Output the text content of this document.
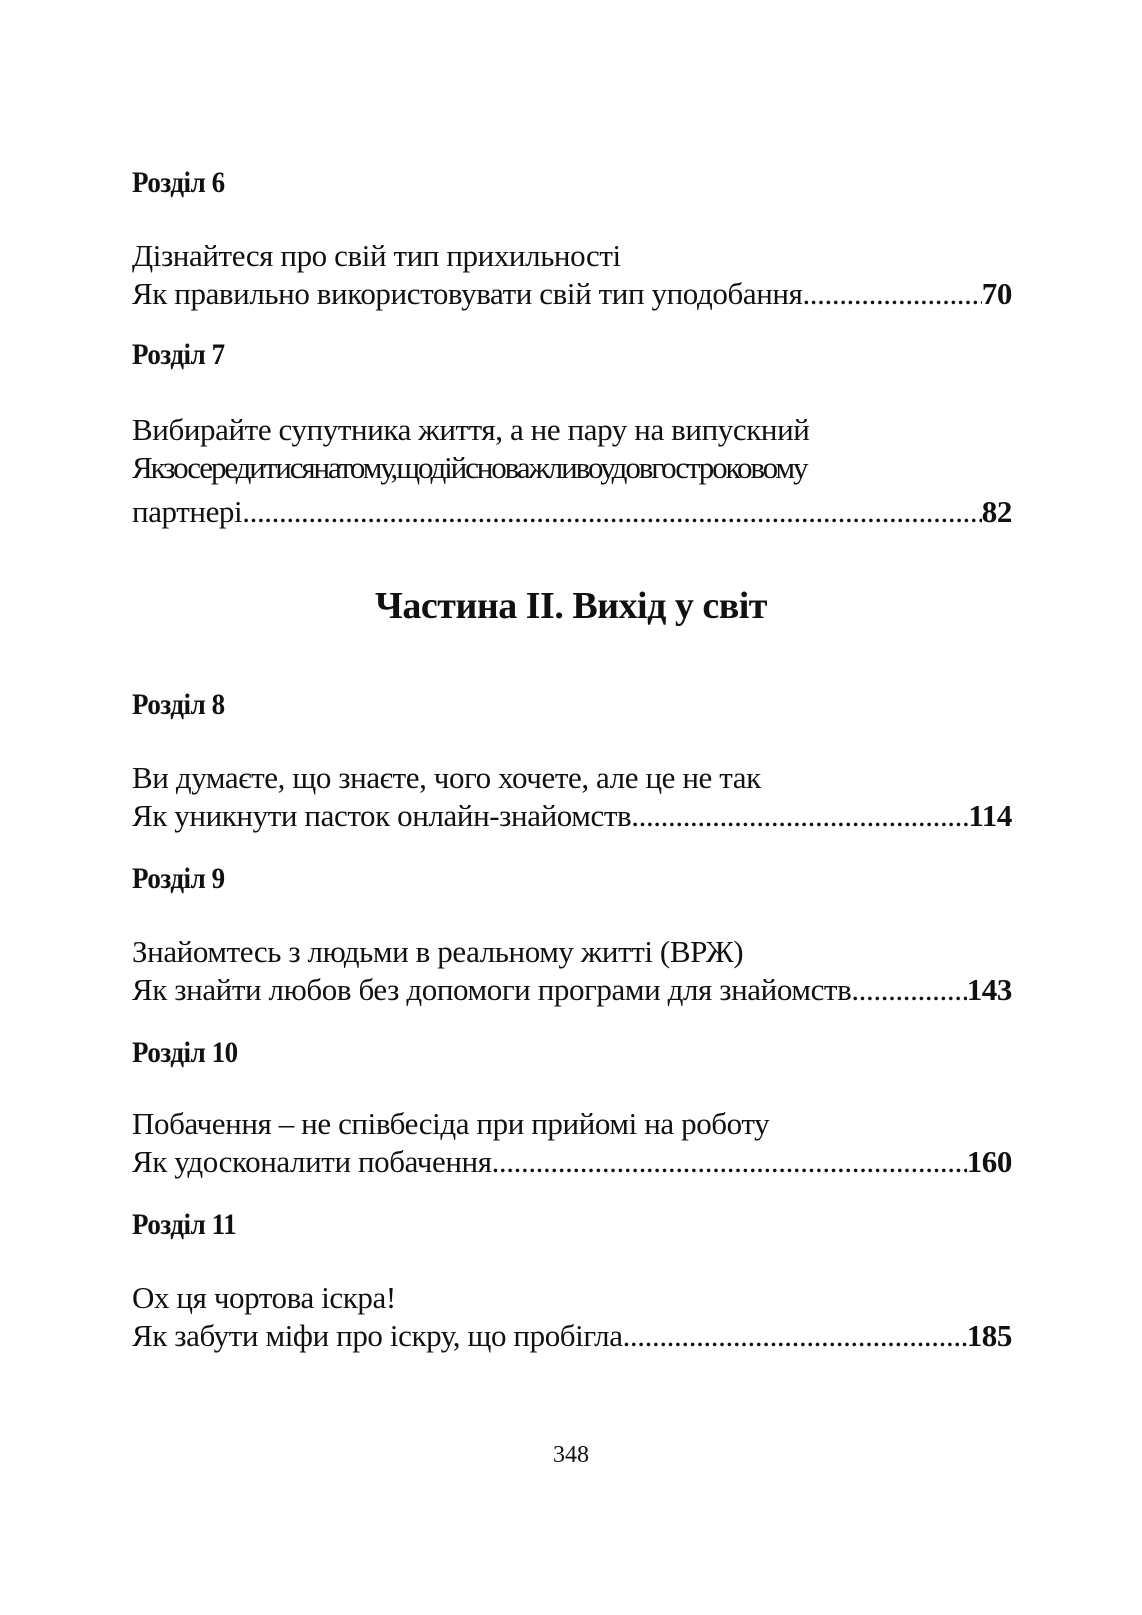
Розділ 6
Дізнайтеся про свій тип прихильності
Як правильно використовувати свій тип уподобання .....	70
Розділ 7
Вибирайте супутника життя, а не пару на випускний
Якзосередитисянатому,щодійсноважливоудовгостроковому
партнері .....	82
Частина II. Вихід у світ
Розділ 8
Ви думаєте, що знаєте, чого хочете, але це не так
Як уникнути пасток онлайн-знайомств .....	114
Розділ 9
Знайомтесь з людьми в реальному житті (ВРЖ)
Як знайти любов без допомоги програми для знайомств .....	143
Розділ 10
Побачення – не співбесіда при прийомі на роботу
Як удосконалити побачення .....	160
Розділ 11
Ох ця чортова іскра!
Як забути міфи про іскру, що пробігла .....	185
348
